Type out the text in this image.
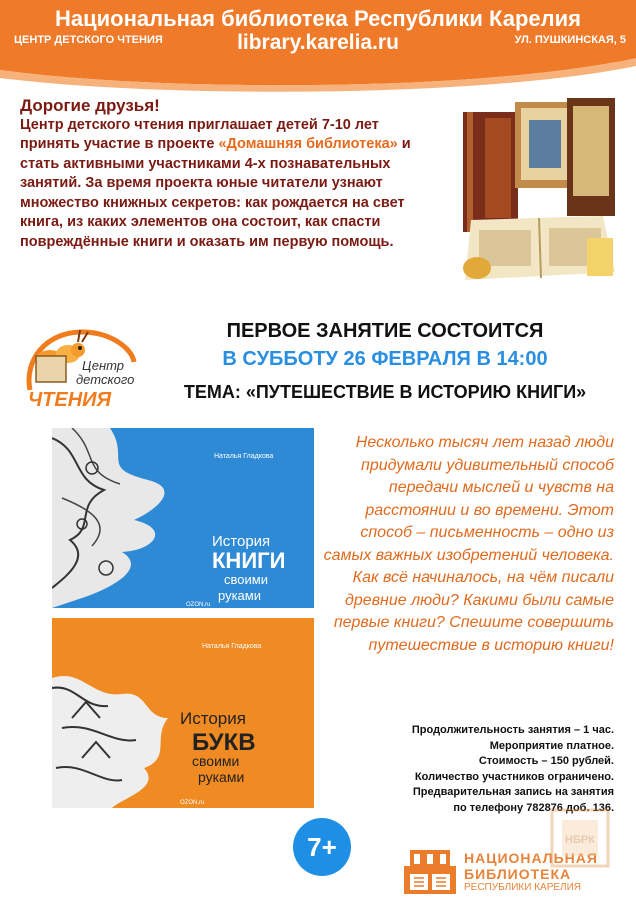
Национальная библиотека Республики Карелия
ЦЕНТР ДЕТСКОГО ЧТЕНИЯ	library.karelia.ru	УЛ. ПУШКИНСКАЯ, 5
Дорогие друзья!
Центр детского чтения приглашает детей 7-10 лет принять участие в проекте «Домашняя библиотека» и стать активными участниками 4-х познавательных занятий. За время проекта юные читатели узнают множество книжных секретов: как рождается на свет книга, из каких элементов она состоит, как спасти повреждённые книги и оказать им первую помощь.
Центр
детского
ЧТЕНИЯ
ПЕРВОЕ ЗАНЯТИЕ СОСТОИТСЯ
В СУББОТУ 26 ФЕВРАЛЯ В 14:00
ТЕМА: «ПУТЕШЕСТВИЕ В ИСТОРИЮ КНИГИ»
Наталья Гладкова
История
КНИГИ
своими
руками
OZON.ru
Наталья Гладкова
История
БУКВ
своими
руками
OZON.ru
Несколько тысяч лет назад люди придумали удивительный способ передачи мыслей и чувств на расстоянии и во времени. Этот способ – письменность – одно из самых важных изобретений человека. Как всё начиналось, на чём писали древние люди? Какими были самые первые книги? Спешите совершить путешествие в историю книги!
Продолжительность занятия – 1 час.
Мероприятие платное.
Стоимость – 150 рублей.
Количество участников ограничено.
Предварительная запись на занятия
по телефону 782876 доб. 136.
7+	НАЦИОНАЛЬНАЯ
БИБЛИОТЕКА
РЕСПУБЛИКИ КАРЕЛИЯ
НБРК
